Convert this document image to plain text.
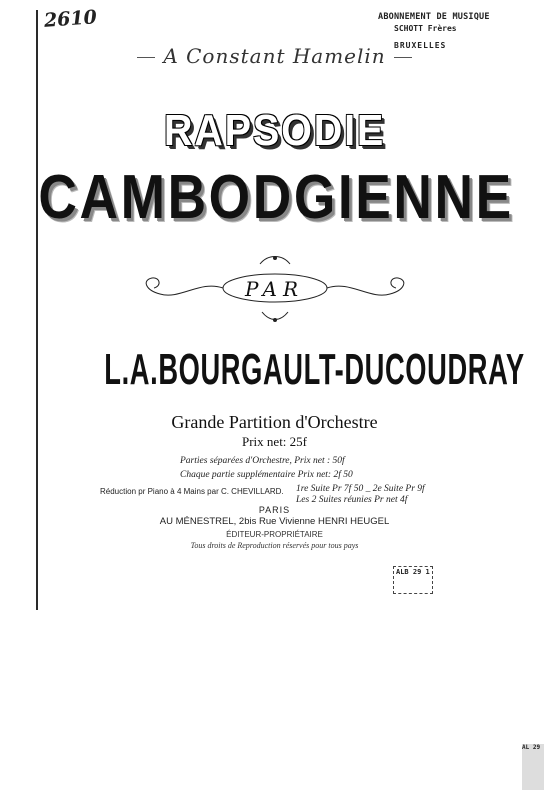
2610	ABONNEMENT DE MUSIQUE
SCHOTT Frères
BRUXELLES
A Constant Hamelin
RAPSODIE
CAMBODGIENNE
PAR
L.A.BOURGAULT-DUCOUDRAY
Grande Partition d'Orchestre
Prix net: 25f
Parties séparées d'Orchestre, Prix net : 50f
Chaque partie supplémentaire Prix net: 2f 50
Réduction pr Piano à 4 Mains par C. CHEVILLARD. 1re Suite Pr 7f 50 _ 2e Suite Pr 9f
Les 2 Suites réunies Pr net 4f
PARIS
AU MÉNESTREL, 2bis Rue Vivienne HENRI HEUGEL
ÉDITEUR-PROPRIÉTAIRE
Tous droits de Reproduction réservés pour tous pays
ALB 29 1
AL 29
